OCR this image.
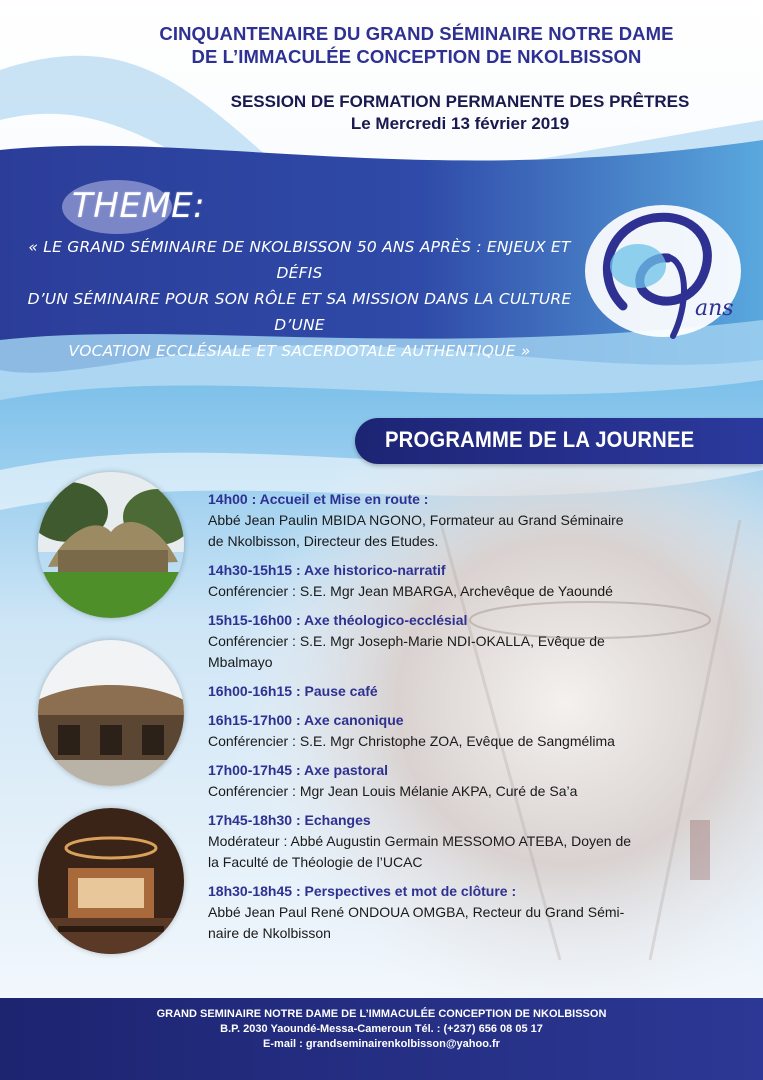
CINQUANTENAIRE DU GRAND SÉMINAIRE NOTRE DAME
DE L’IMMACULÉE CONCEPTION DE NKOLBISSON
SESSION DE FORMATION PERMANENTE DES PRÊTRES
Le Mercredi 13 février 2019
THEME:
« LE GRAND SÉMINAIRE DE NKOLBISSON 50 ANS APRÈS : ENJEUX ET DÉFIS
D’UN SÉMINAIRE POUR SON RÔLE ET SA MISSION DANS LA CULTURE D’UNE
VOCATION ECCLÉSIALE ET SACERDOTALE AUTHENTIQUE »
ans
PROGRAMME DE LA JOURNEE
14h00 : Accueil et Mise en route :
Abbé Jean Paulin MBIDA NGONO, Formateur au Grand Séminaire
de Nkolbisson, Directeur des Etudes.
14h30-15h15 : Axe historico-narratif
Conférencier : S.E. Mgr Jean MBARGA, Archevêque de Yaoundé
15h15-16h00 : Axe théologico-ecclésial
Conférencier : S.E. Mgr Joseph-Marie NDI-OKALLA, Evêque de
Mbalmayo
16h00-16h15 : Pause café
16h15-17h00 : Axe canonique
Conférencier : S.E. Mgr Christophe ZOA, Evêque de Sangmélima
17h00-17h45 : Axe pastoral
Conférencier : Mgr Jean Louis Mélanie AKPA, Curé de Sa’a
17h45-18h30 : Echanges
Modérateur : Abbé Augustin Germain MESSOMO ATEBA, Doyen de
la Faculté de Théologie de l’UCAC
18h30-18h45 : Perspectives et mot de clôture :
Abbé Jean Paul René ONDOUA OMGBA, Recteur du Grand Sémi-
naire de Nkolbisson
GRAND SEMINAIRE NOTRE DAME DE L’IMMACULÉE CONCEPTION DE NKOLBISSON
B.P. 2030 Yaoundé-Messa-Cameroun Tél. : (+237) 656 08 05 17
E-mail : grandseminairenkolbisson@yahoo.fr
